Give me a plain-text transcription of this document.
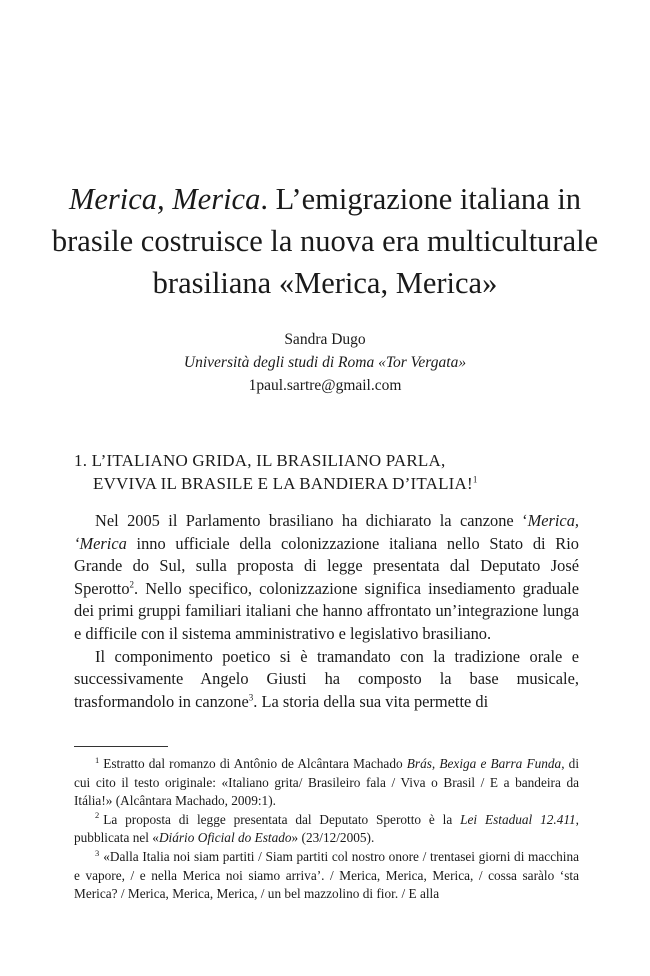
Merica, Merica. L’emigrazione italiana in brasile costruisce la nuova era multiculturale brasiliana «Merica, Merica»
Sandra Dugo
Università degli studi di Roma «Tor Vergata»
1paul.sartre@gmail.com
1. L’ITALIANO GRIDA, IL BRASILIANO PARLA,
EVVIVA IL BRASILE E LA BANDIERA D’ITALIA!$^1$

Nel 2005 il Parlamento brasiliano ha dichiarato la canzone ‘Merica, ‘Merica inno ufficiale della colonizzazione italiana nello Stato di Rio Grande do Sul, sulla proposta di legge presentata dal Deputato José Sperotto$^2$. Nello specifico, colonizzazione significa insediamento graduale dei primi gruppi familiari italiani che hanno affrontato un’integrazione lunga e difficile con il sistema amministrativo e legislativo brasiliano.

Il componimento poetico si è tramandato con la tradizione orale e successivamente Angelo Giusti ha composto la base musicale, trasformandolo in canzone$^3$. La storia della sua vita permette di

$^1$ Estratto dal romanzo di Antônio de Alcântara Machado Brás, Bexiga e Barra Funda, di cui cito il testo originale: «Italiano grita/ Brasileiro fala / Viva o Brasil / E a bandeira da Itália!» (Alcântara Machado, 2009:1).

$^2$ La proposta di legge presentata dal Deputato Sperotto è la Lei Estadual 12.411, pubblicata nel «Diário Oficial do Estado» (23/12/2005).

$^3$ «Dalla Italia noi siam partiti / Siam partiti col nostro onore / trentasei giorni di macchina e vapore, / e nella Merica noi siamo arriva’. / Merica, Merica, Merica, / cossa saràlo ‘sta Merica? / Merica, Merica, Merica, / un bel mazzolino di fior. / E alla
